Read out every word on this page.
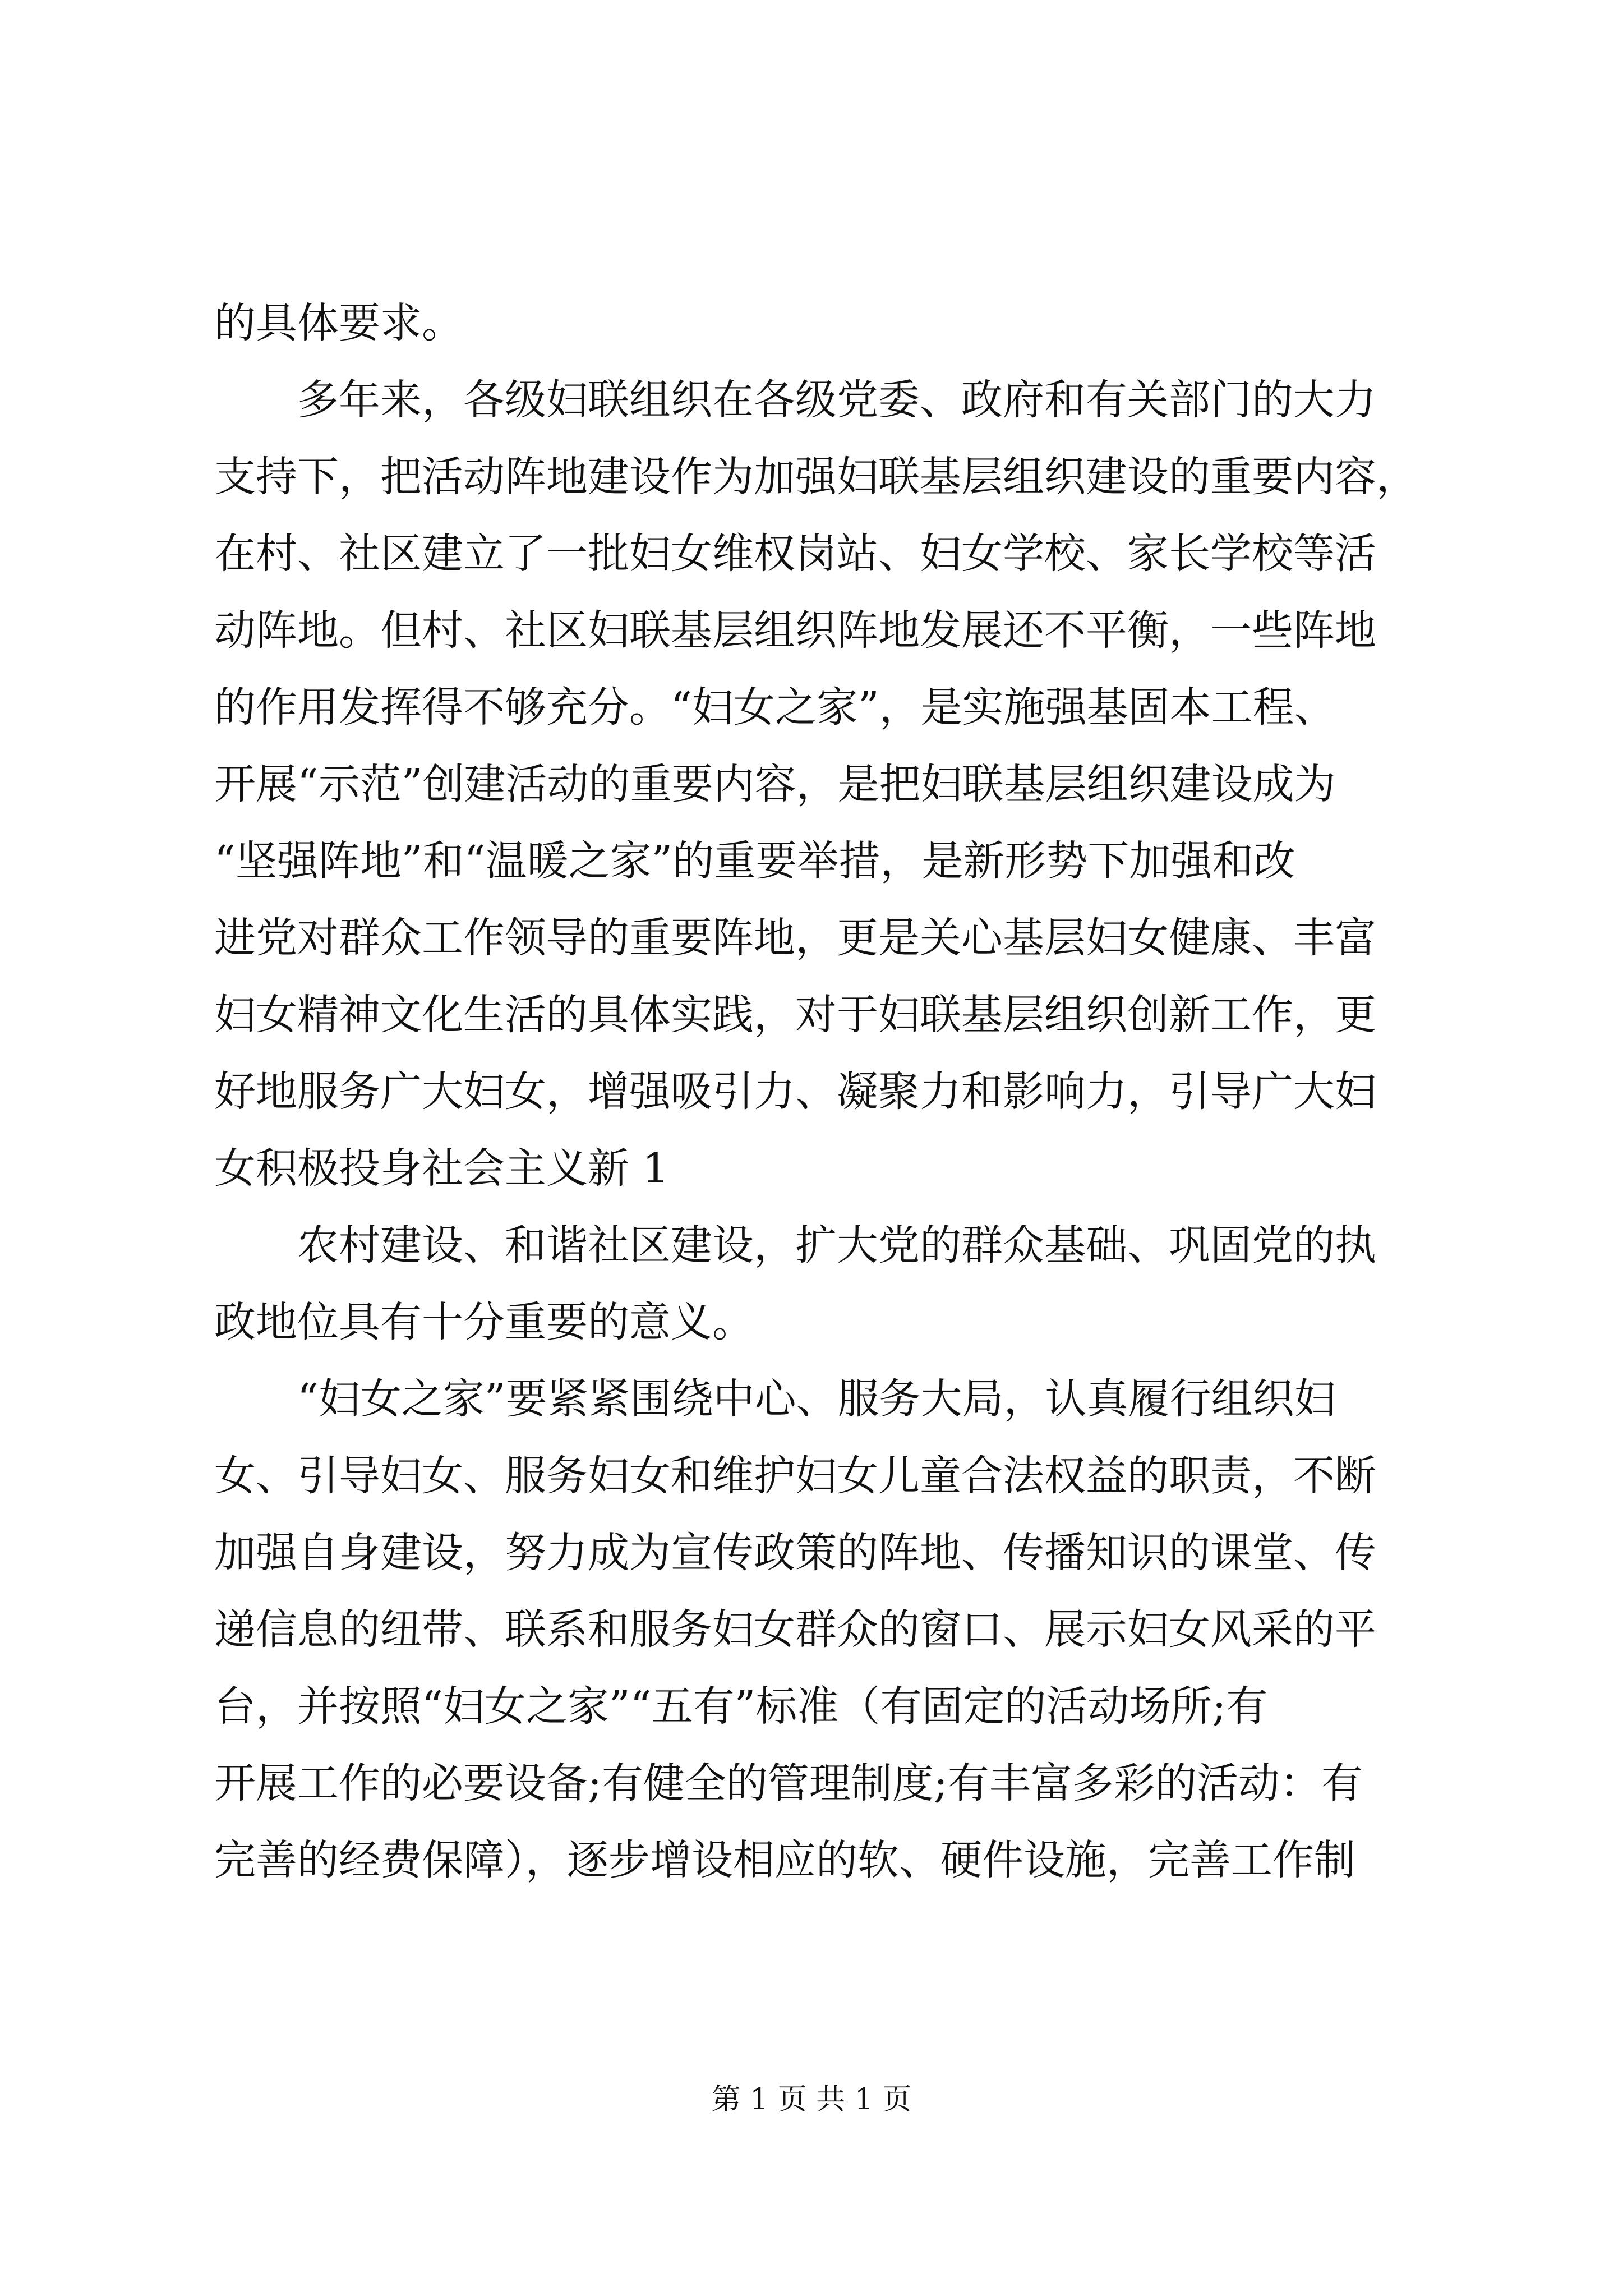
的具体要求。
多年来，各级妇联组织在各级党委、政府和有关部门的大力
支持下，把活动阵地建设作为加强妇联基层组织建设的重要内容，
在村、社区建立了一批妇女维权岗站、妇女学校、家长学校等活
动阵地。但村、社区妇联基层组织阵地发展还不平衡，一些阵地
的作用发挥得不够充分。“妇女之家”，是实施强基固本工程、
开展“示范”创建活动的重要内容，是把妇联基层组织建设成为
“坚强阵地”和“温暖之家”的重要举措，是新形势下加强和改
进党对群众工作领导的重要阵地，更是关心基层妇女健康、丰富
妇女精神文化生活的具体实践，对于妇联基层组织创新工作，更
好地服务广大妇女，增强吸引力、凝聚力和影响力，引导广大妇
女积极投身社会主义新 1
农村建设、和谐社区建设，扩大党的群众基础、巩固党的执
政地位具有十分重要的意义。
“妇女之家”要紧紧围绕中心、服务大局，认真履行组织妇
女、引导妇女、服务妇女和维护妇女儿童合法权益的职责，不断
加强自身建设，努力成为宣传政策的阵地、传播知识的课堂、传
递信息的纽带、联系和服务妇女群众的窗口、展示妇女风采的平
台，并按照“妇女之家”“五有”标准（有固定的活动场所;有
开展工作的必要设备;有健全的管理制度;有丰富多彩的活动：有
完善的经费保障），逐步增设相应的软、硬件设施，完善工作制
第 1 页 共 1 页
